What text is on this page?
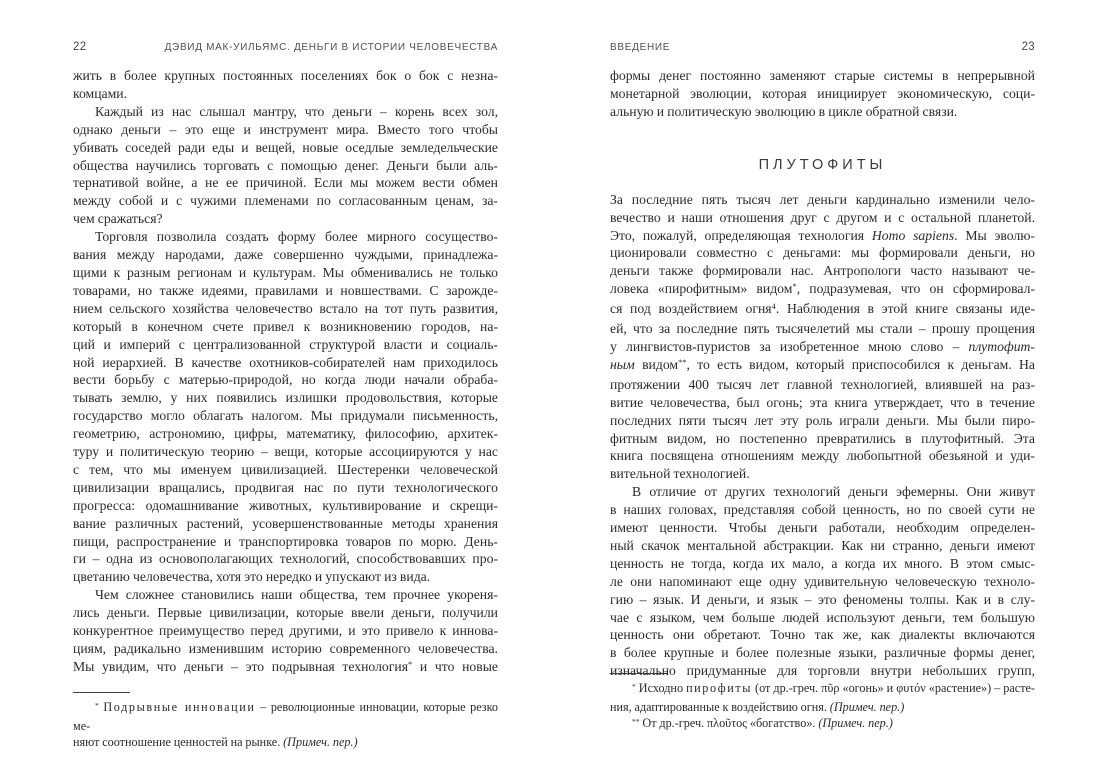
22	ДЭВИД МАК-УИЛЬЯМС. ДЕНЬГИ В ИСТОРИИ ЧЕЛОВЕЧЕСТВА
жить в более крупных постоянных поселениях бок о бок с незна-
комцами.
Каждый из нас слышал мантру, что деньги – корень всех зол,
однако деньги – это еще и инструмент мира. Вместо того чтобы
убивать соседей ради еды и вещей, новые оседлые земледельческие
общества научились торговать с помощью денег. Деньги были аль-
тернативой войне, а не ее причиной. Если мы можем вести обмен
между собой и с чужими племенами по согласованным ценам, за-
чем сражаться?
Торговля позволила создать форму более мирного сосущество-
вания между народами, даже совершенно чуждыми, принадлежа-
щими к разным регионам и культурам. Мы обменивались не только
товарами, но также идеями, правилами и новшествами. С зарожде-
нием сельского хозяйства человечество встало на тот путь развития,
который в конечном счете привел к возникновению городов, на-
ций и империй с централизованной структурой власти и социаль-
ной иерархией. В качестве охотников-собирателей нам приходилось
вести борьбу с матерью-природой, но когда люди начали обраба-
тывать землю, у них появились излишки продовольствия, которые
государство могло облагать налогом. Мы придумали письменность,
геометрию, астрономию, цифры, математику, философию, архитек-
туру и политическую теорию – вещи, которые ассоциируются у нас
с тем, что мы именуем цивилизацией. Шестеренки человеческой
цивилизации вращались, продвигая нас по пути технологического
прогресса: одомашнивание животных, культивирование и скрещи-
вание различных растений, усовершенствованные методы хранения
пищи, распространение и транспортировка товаров по морю. День-
ги – одна из основополагающих технологий, способствовавших про-
цветанию человечества, хотя это нередко и упускают из вида.
Чем сложнее становились наши общества, тем прочнее укореня-
лись деньги. Первые цивилизации, которые ввели деньги, получили
конкурентное преимущество перед другими, и это привело к иннова-
циям, радикально изменившим историю современного человечества.
Мы увидим, что деньги – это подрывная технология* и что новые
* Подрывные инновации – революционные инновации, которые резко ме-
няют соотношение ценностей на рынке. (Примеч. пер.)
ВВЕДЕНИЕ	23
формы денег постоянно заменяют старые системы в непрерывной
монетарной эволюции, которая инициирует экономическую, соци-
альную и политическую эволюцию в цикле обратной связи.
ПЛУТОФИТЫ
За последние пять тысяч лет деньги кардинально изменили чело-
вечество и наши отношения друг с другом и с остальной планетой.
Это, пожалуй, определяющая технология Homo sapiens. Мы эволю-
ционировали совместно с деньгами: мы формировали деньги, но
деньги также формировали нас. Антропологи часто называют че-
ловека «пирофитным» видом*, подразумевая, что он сформировал-
ся под воздействием огня$^4$. Наблюдения в этой книге связаны иде-
ей, что за последние пять тысячелетий мы стали – прошу прощения
у лингвистов-пуристов за изобретенное мною слово – плутофит-
ным видом**, то есть видом, который приспособился к деньгам. На
протяжении 400 тысяч лет главной технологией, влиявшей на раз-
витие человечества, был огонь; эта книга утверждает, что в течение
последних пяти тысяч лет эту роль играли деньги. Мы были пиро-
фитным видом, но постепенно превратились в плутофитный. Эта
книга посвящена отношениям между любопытной обезьяной и уди-
вительной технологией.
В отличие от других технологий деньги эфемерны. Они живут
в наших головах, представляя собой ценность, но по своей сути не
имеют ценности. Чтобы деньги работали, необходим определен-
ный скачок ментальной абстракции. Как ни странно, деньги имеют
ценность не тогда, когда их мало, а когда их много. В этом смыс-
ле они напоминают еще одну удивительную человеческую техноло-
гию – язык. И деньги, и язык – это феномены толпы. Как и в слу-
чае с языком, чем больше людей используют деньги, тем большую
ценность они обретают. Точно так же, как диалекты включаются
в более крупные и более полезные языки, различные формы денег,
изначально придуманные для торговли внутри небольших групп,
* Исходно пирофиты (от др.-греч. πῦρ «огонь» и φυτόν «растение») – расте-
ния, адаптированные к воздействию огня. (Примеч. пер.)
** От др.-греч. πλοῦτος «богатство». (Примеч. пер.)
